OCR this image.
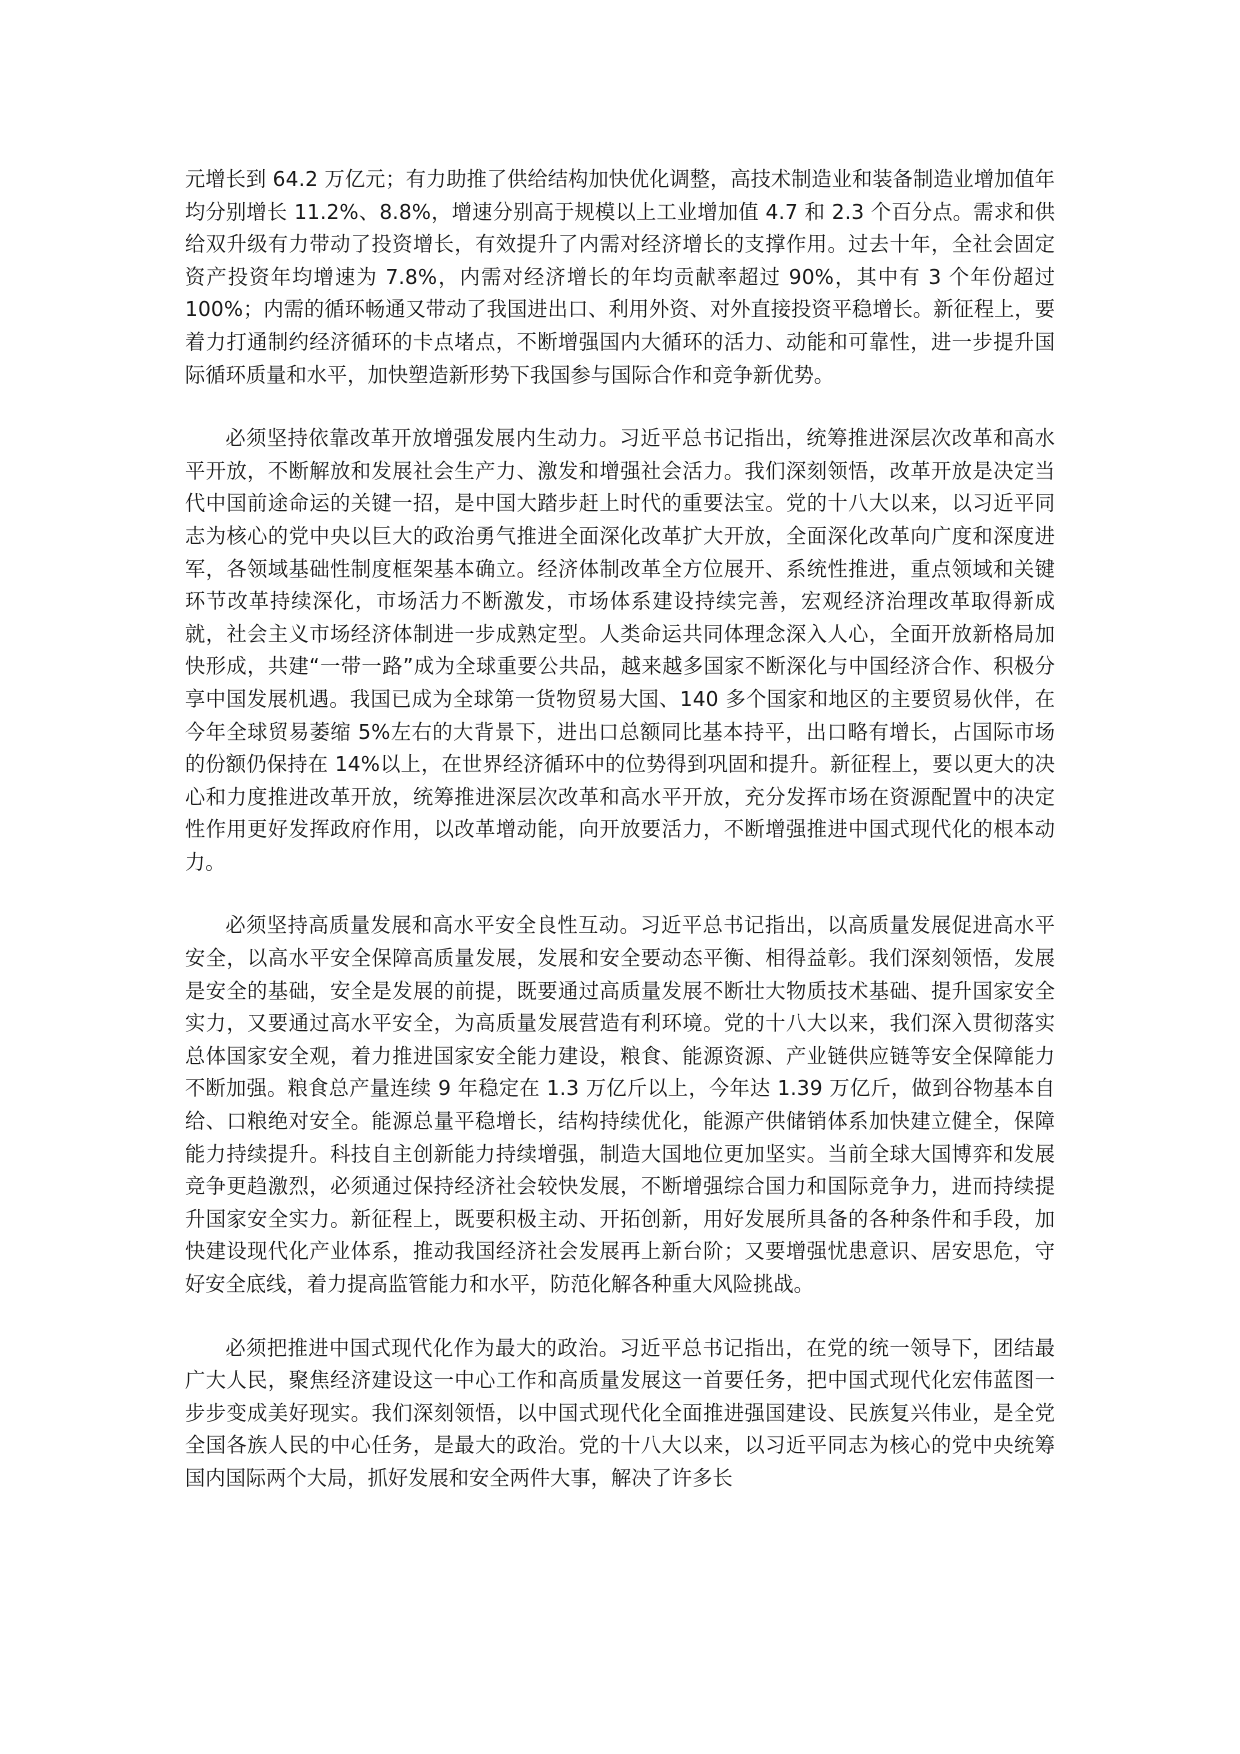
元增长到 64.2 万亿元；有力助推了供给结构加快优化调整，高技术制造业和装备制造业增加值年均分别增长 11.2%、8.8%，增速分别高于规模以上工业增加值 4.7 和 2.3 个百分点。需求和供给双升级有力带动了投资增长，有效提升了内需对经济增长的支撑作用。过去十年，全社会固定资产投资年均增速为 7.8%，内需对经济增长的年均贡献率超过 90%，其中有 3 个年份超过 100%；内需的循环畅通又带动了我国进出口、利用外资、对外直接投资平稳增长。新征程上，要着力打通制约经济循环的卡点堵点，不断增强国内大循环的活力、动能和可靠性，进一步提升国际循环质量和水平，加快塑造新形势下我国参与国际合作和竞争新优势。

必须坚持依靠改革开放增强发展内生动力。习近平总书记指出，统筹推进深层次改革和高水平开放，不断解放和发展社会生产力、激发和增强社会活力。我们深刻领悟，改革开放是决定当代中国前途命运的关键一招，是中国大踏步赶上时代的重要法宝。党的十八大以来，以习近平同志为核心的党中央以巨大的政治勇气推进全面深化改革扩大开放，全面深化改革向广度和深度进军，各领域基础性制度框架基本确立。经济体制改革全方位展开、系统性推进，重点领域和关键环节改革持续深化，市场活力不断激发，市场体系建设持续完善，宏观经济治理改革取得新成就，社会主义市场经济体制进一步成熟定型。人类命运共同体理念深入人心，全面开放新格局加快形成，共建“一带一路”成为全球重要公共品，越来越多国家不断深化与中国经济合作、积极分享中国发展机遇。我国已成为全球第一货物贸易大国、140 多个国家和地区的主要贸易伙伴，在今年全球贸易萎缩 5%左右的大背景下，进出口总额同比基本持平，出口略有增长，占国际市场的份额仍保持在 14%以上，在世界经济循环中的位势得到巩固和提升。新征程上，要以更大的决心和力度推进改革开放，统筹推进深层次改革和高水平开放，充分发挥市场在资源配置中的决定性作用更好发挥政府作用，以改革增动能，向开放要活力，不断增强推进中国式现代化的根本动力。

必须坚持高质量发展和高水平安全良性互动。习近平总书记指出，以高质量发展促进高水平安全，以高水平安全保障高质量发展，发展和安全要动态平衡、相得益彰。我们深刻领悟，发展是安全的基础，安全是发展的前提，既要通过高质量发展不断壮大物质技术基础、提升国家安全实力，又要通过高水平安全，为高质量发展营造有利环境。党的十八大以来，我们深入贯彻落实总体国家安全观，着力推进国家安全能力建设，粮食、能源资源、产业链供应链等安全保障能力不断加强。粮食总产量连续 9 年稳定在 1.3 万亿斤以上，今年达 1.39 万亿斤，做到谷物基本自给、口粮绝对安全。能源总量平稳增长，结构持续优化，能源产供储销体系加快建立健全，保障能力持续提升。科技自主创新能力持续增强，制造大国地位更加坚实。当前全球大国博弈和发展竞争更趋激烈，必须通过保持经济社会较快发展，不断增强综合国力和国际竞争力，进而持续提升国家安全实力。新征程上，既要积极主动、开拓创新，用好发展所具备的各种条件和手段，加快建设现代化产业体系，推动我国经济社会发展再上新台阶；又要增强忧患意识、居安思危，守好安全底线，着力提高监管能力和水平，防范化解各种重大风险挑战。

必须把推进中国式现代化作为最大的政治。习近平总书记指出，在党的统一领导下，团结最广大人民，聚焦经济建设这一中心工作和高质量发展这一首要任务，把中国式现代化宏伟蓝图一步步变成美好现实。我们深刻领悟，以中国式现代化全面推进强国建设、民族复兴伟业，是全党全国各族人民的中心任务，是最大的政治。党的十八大以来，以习近平同志为核心的党中央统筹国内国际两个大局，抓好发展和安全两件大事，解决了许多长
